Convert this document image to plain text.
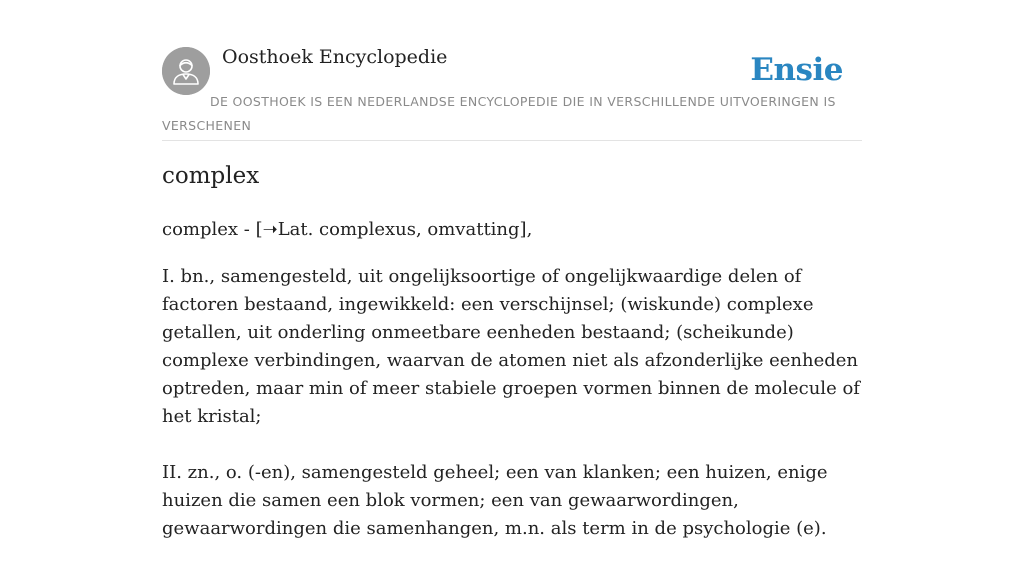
Oosthoek Encyclopedie	Ensie
DE OOSTHOEK IS EEN NEDERLANDSE ENCYCLOPEDIE DIE IN VERSCHILLENDE UITVOERINGEN IS VERSCHENEN
complex

complex - [➝Lat. complexus, omvatting],

I. bn., samengesteld, uit ongelijksoortige of ongelijkwaardige delen of factoren bestaand, ingewikkeld: een verschijnsel; (wiskunde) complexe getallen, uit onderling onmeetbare eenheden bestaand; (scheikunde) complexe verbindingen, waarvan de atomen niet als afzonderlijke eenheden optreden, maar min of meer stabiele groepen vormen binnen de molecule of het kristal;

II. zn., o. (-en), samengesteld geheel; een van klanken; een huizen, enige huizen die samen een blok vormen; een van gewaarwordingen, gewaarwordingen die samenhangen, m.n. als term in de psychologie (e).
